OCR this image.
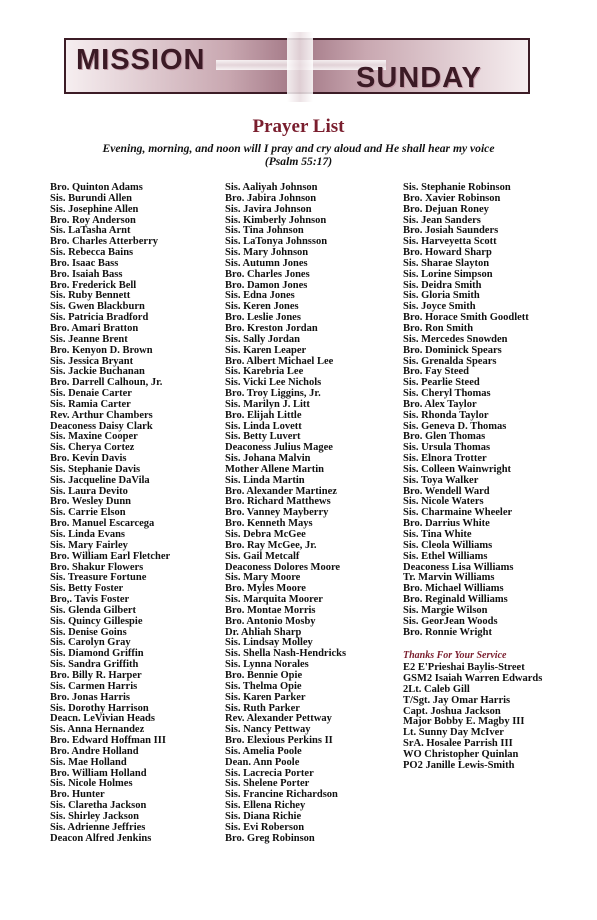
MISSION
SUNDAY
Prayer List
Evening, morning, and noon will I pray and cry aloud and He shall hear my voice
(Psalm 55:17)
Bro. Quinton Adams
Sis. Burundi Allen
Sis. Josephine Allen
Bro. Roy Anderson
Sis. LaTasha Arnt
Bro. Charles Atterberry
Sis. Rebecca Bains
Bro. Isaac Bass
Bro. Isaiah Bass
Bro. Frederick Bell
Sis. Ruby Bennett
Sis. Gwen Blackburn
Sis. Patricia Bradford
Bro. Amari Bratton
Sis. Jeanne Brent
Bro. Kenyon D. Brown
Sis. Jessica Bryant
Sis. Jackie Buchanan
Bro. Darrell Calhoun, Jr.
Sis. Denaie Carter
Sis. Ramia Carter
Rev. Arthur Chambers
Deaconess Daisy Clark
Sis. Maxine Cooper
Sis. Cherya Cortez
Bro. Kevin Davis
Sis. Stephanie Davis
Sis. Jacqueline DaVila
Sis. Laura Devito
Bro. Wesley Dunn
Sis. Carrie Elson
Bro. Manuel Escarcega
Sis. Linda Evans
Sis. Mary Fairley
Bro. William Earl Fletcher
Bro. Shakur Flowers
Sis. Treasure Fortune
Sis. Betty Foster
Bro,. Tavis Foster
Sis. Glenda Gilbert
Sis. Quincy Gillespie
Sis. Denise Goins
Sis. Carolyn Gray
Sis. Diamond Griffin
Sis. Sandra Griffith
Bro. Billy R. Harper
Sis. Carmen Harris
Bro. Jonas Harris
Sis. Dorothy Harrison
Deacn. LeVivian Heads
Sis. Anna Hernandez
Bro. Edward Hoffman III
Bro. Andre Holland
Sis. Mae Holland
Bro. William Holland
Sis. Nicole Holmes
Bro. Hunter
Sis. Claretha Jackson
Sis. Shirley Jackson
Sis. Adrienne Jeffries
Deacon Alfred Jenkins
Sis. Aaliyah Johnson
Bro. Jabira Johnson
Sis. Javira Johnson
Sis. Kimberly Johnson
Sis. Tina Johnson
Sis. LaTonya Johnsson
Sis. Mary Johnson
Sis. Autumn Jones
Bro. Charles Jones
Bro. Damon Jones
Sis. Edna Jones
Sis. Keren Jones
Bro. Leslie Jones
Bro. Kreston Jordan
Sis. Sally Jordan
Sis. Karen Leaper
Bro. Albert Michael Lee
Sis. Karebria Lee
Sis. Vicki Lee Nichols
Bro. Troy Liggins, Jr.
Sis. Marilyn J. Litt
Bro. Elijah Little
Sis. Linda Lovett
Sis. Betty Luvert
Deaconess Julius Magee
Sis. Johana Malvin
Mother Allene Martin
Sis. Linda Martin
Bro. Alexander Martinez
Bro. Richard Matthews
Bro. Vanney Mayberry
Bro. Kenneth Mays
Sis. Debra McGee
Bro. Ray McGee, Jr.
Sis. Gail Metcalf
Deaconess Dolores Moore
Sis. Mary Moore
Bro. Myles Moore
Sis. Marquita Moorer
Bro. Montae Morris
Bro. Antonio Mosby
Dr. Ahliah Sharp
Sis. Lindsay Molley
Sis. Shella Nash-Hendricks
Sis. Lynna Norales
Bro. Bennie Opie
Sis. Thelma Opie
Sis. Karen Parker
Sis. Ruth Parker
Rev. Alexander Pettway
Sis. Nancy Pettway
Bro. Elexious Perkins II
Sis. Amelia Poole
Dean. Ann Poole
Sis. Lacrecia Porter
Sis. Shelene Porter
Sis. Francine Richardson
Sis. Ellena Richey
Sis. Diana Richie
Sis. Evi Roberson
Bro. Greg Robinson
Sis. Stephanie Robinson
Bro. Xavier Robinson
Bro. Dejuan Roney
Sis. Jean Sanders
Bro. Josiah Saunders
Sis. Harveyetta Scott
Bro. Howard Sharp
Sis. Sharae Slayton
Sis. Lorine Simpson
Sis. Deidra Smith
Sis. Gloria Smith
Sis. Joyce Smith
Bro. Horace Smith Goodlett
Bro. Ron Smith
Sis. Mercedes Snowden
Bro. Dominick Spears
Sis. Grenalda Spears
Bro. Fay Steed
Sis. Pearlie Steed
Sis. Cheryl Thomas
Bro. Alex Taylor
Sis. Rhonda Taylor
Sis. Geneva D. Thomas
Bro. Glen Thomas
Sis. Ursula Thomas
Sis. Elnora Trotter
Sis. Colleen Wainwright
Sis. Toya Walker
Bro. Wendell Ward
Sis. Nicole Waters
Sis. Charmaine Wheeler
Bro. Darrius White
Sis. Tina White
Sis. Cleola Williams
Sis. Ethel Williams
Deaconess Lisa Williams
Tr. Marvin Williams
Bro. Michael Williams
Bro. Reginald Williams
Sis. Margie Wilson
Sis. GeorJean Woods
Bro. Ronnie Wright
Thanks For Your Service
E2 E'Prieshai Baylis-Street
GSM2 Isaiah Warren Edwards
2Lt. Caleb Gill
T/Sgt. Jay Omar Harris
Capt. Joshua Jackson
Major Bobby E. Magby III
Lt. Sunny Day McIver
SrA. Hosalee Parrish III
WO Christopher Quinlan
PO2 Janille Lewis-Smith
